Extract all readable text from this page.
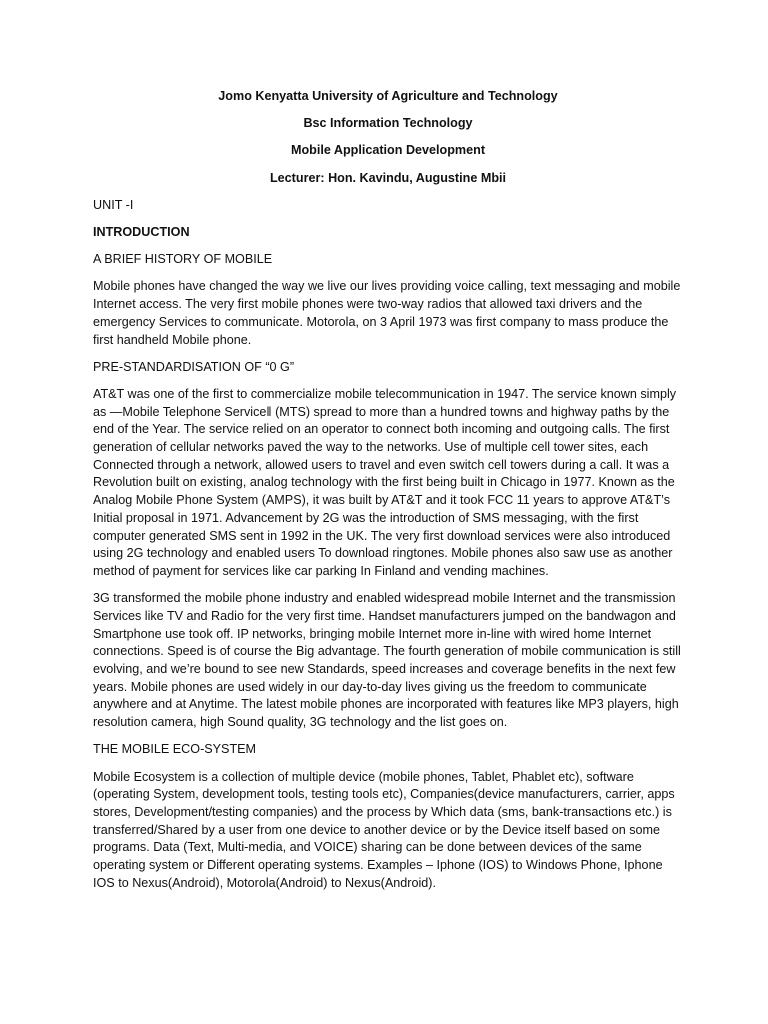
Jomo Kenyatta University of Agriculture and Technology
Bsc Information Technology
Mobile Application Development
Lecturer: Hon. Kavindu, Augustine Mbii
UNIT -I
INTRODUCTION
A BRIEF HISTORY OF MOBILE

Mobile phones have changed the way we live our lives providing voice calling, text messaging and mobile Internet access. The very first mobile phones were two-way radios that allowed taxi drivers and the emergency Services to communicate. Motorola, on 3 April 1973 was first company to mass produce the first handheld Mobile phone.

PRE-STANDARDISATION OF “0 G”

AT&T was one of the first to commercialize mobile telecommunication in 1947. The service known simply as —Mobile Telephone Service‖ (MTS) spread to more than a hundred towns and highway paths by the end of the Year. The service relied on an operator to connect both incoming and outgoing calls. The first generation of cellular networks paved the way to the networks. Use of multiple cell tower sites, each Connected through a network, allowed users to travel and even switch cell towers during a call. It was a Revolution built on existing, analog technology with the first being built in Chicago in 1977. Known as the Analog Mobile Phone System (AMPS), it was built by AT&T and it took FCC 11 years to approve AT&T’s Initial proposal in 1971. Advancement by 2G was the introduction of SMS messaging, with the first computer generated SMS sent in 1992 in the UK. The very first download services were also introduced using 2G technology and enabled users To download ringtones. Mobile phones also saw use as another method of payment for services like car parking In Finland and vending machines.

3G transformed the mobile phone industry and enabled widespread mobile Internet and the transmission Services like TV and Radio for the very first time. Handset manufacturers jumped on the bandwagon and Smartphone use took off. IP networks, bringing mobile Internet more in-line with wired home Internet connections. Speed is of course the Big advantage. The fourth generation of mobile communication is still evolving, and we’re bound to see new Standards, speed increases and coverage benefits in the next few years. Mobile phones are used widely in our day-to-day lives giving us the freedom to communicate anywhere and at Anytime. The latest mobile phones are incorporated with features like MP3 players, high resolution camera, high Sound quality, 3G technology and the list goes on.

THE MOBILE ECO-SYSTEM

Mobile Ecosystem is a collection of multiple device (mobile phones, Tablet, Phablet etc), software (operating System, development tools, testing tools etc), Companies(device manufacturers, carrier, apps stores, Development/testing companies) and the process by Which data (sms, bank-transactions etc.) is transferred/Shared by a user from one device to another device or by the Device itself based on some programs. Data (Text, Multi-media, and VOICE) sharing can be done between devices of the same operating system or Different operating systems. Examples – Iphone (IOS) to Windows Phone, Iphone IOS to Nexus(Android), Motorola(Android) to Nexus(Android).
